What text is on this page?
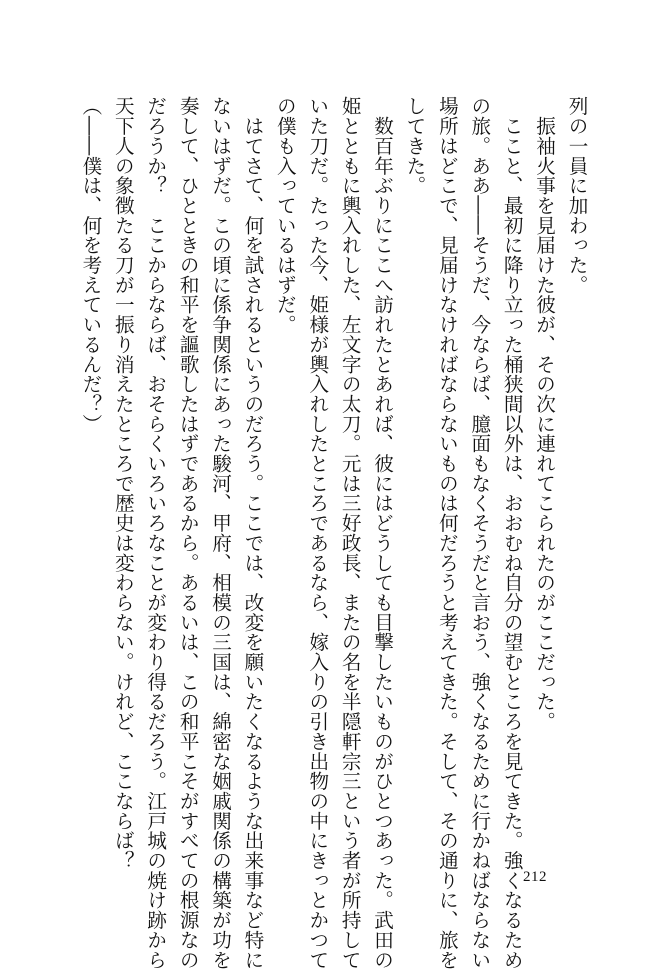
列の一員に加わった。
　振袖火事を見届けた彼が、その次に連れてこられたのがここだった。
　ここと、最初に降り立った桶狭間以外は、おおむね自分の望むところを見てきた。強くなるため
の旅。ああ――そうだ、今ならば、臆面もなくそうだと言おう、強くなるために行かねばならない
場所はどこで、見届けなければならないものは何だろうと考えてきた。そして、その通りに、旅を
してきた。
　数百年ぶりにここへ訪れたとあれば、彼にはどうしても目撃したいものがひとつあった。武田の
姫とともに輿入れした、左文字の太刀。元は三好政長、またの名を半隠軒宗三という者が所持して
いた刀だ。たった今、姫様が輿入れしたところであるなら、嫁入りの引き出物の中にきっとかつて
の僕も入っているはずだ。
　はてさて、何を試されるというのだろう。ここでは、改変を願いたくなるような出来事など特に
ないはずだ。この頃に係争関係にあった駿河、甲府、相模の三国は、綿密な姻戚関係の構築が功を
奏して、ひとときの和平を謳歌したはずであるから。あるいは、この和平こそがすべての根源なの
だろうか？　ここからならば、おそらくいろいろなことが変わり得るだろう。江戸城の焼け跡から
天下人の象徴たる刀が一振り消えたところで歴史は変わらない。けれど、ここならば？
（――僕は、何を考えているんだ？）
212
